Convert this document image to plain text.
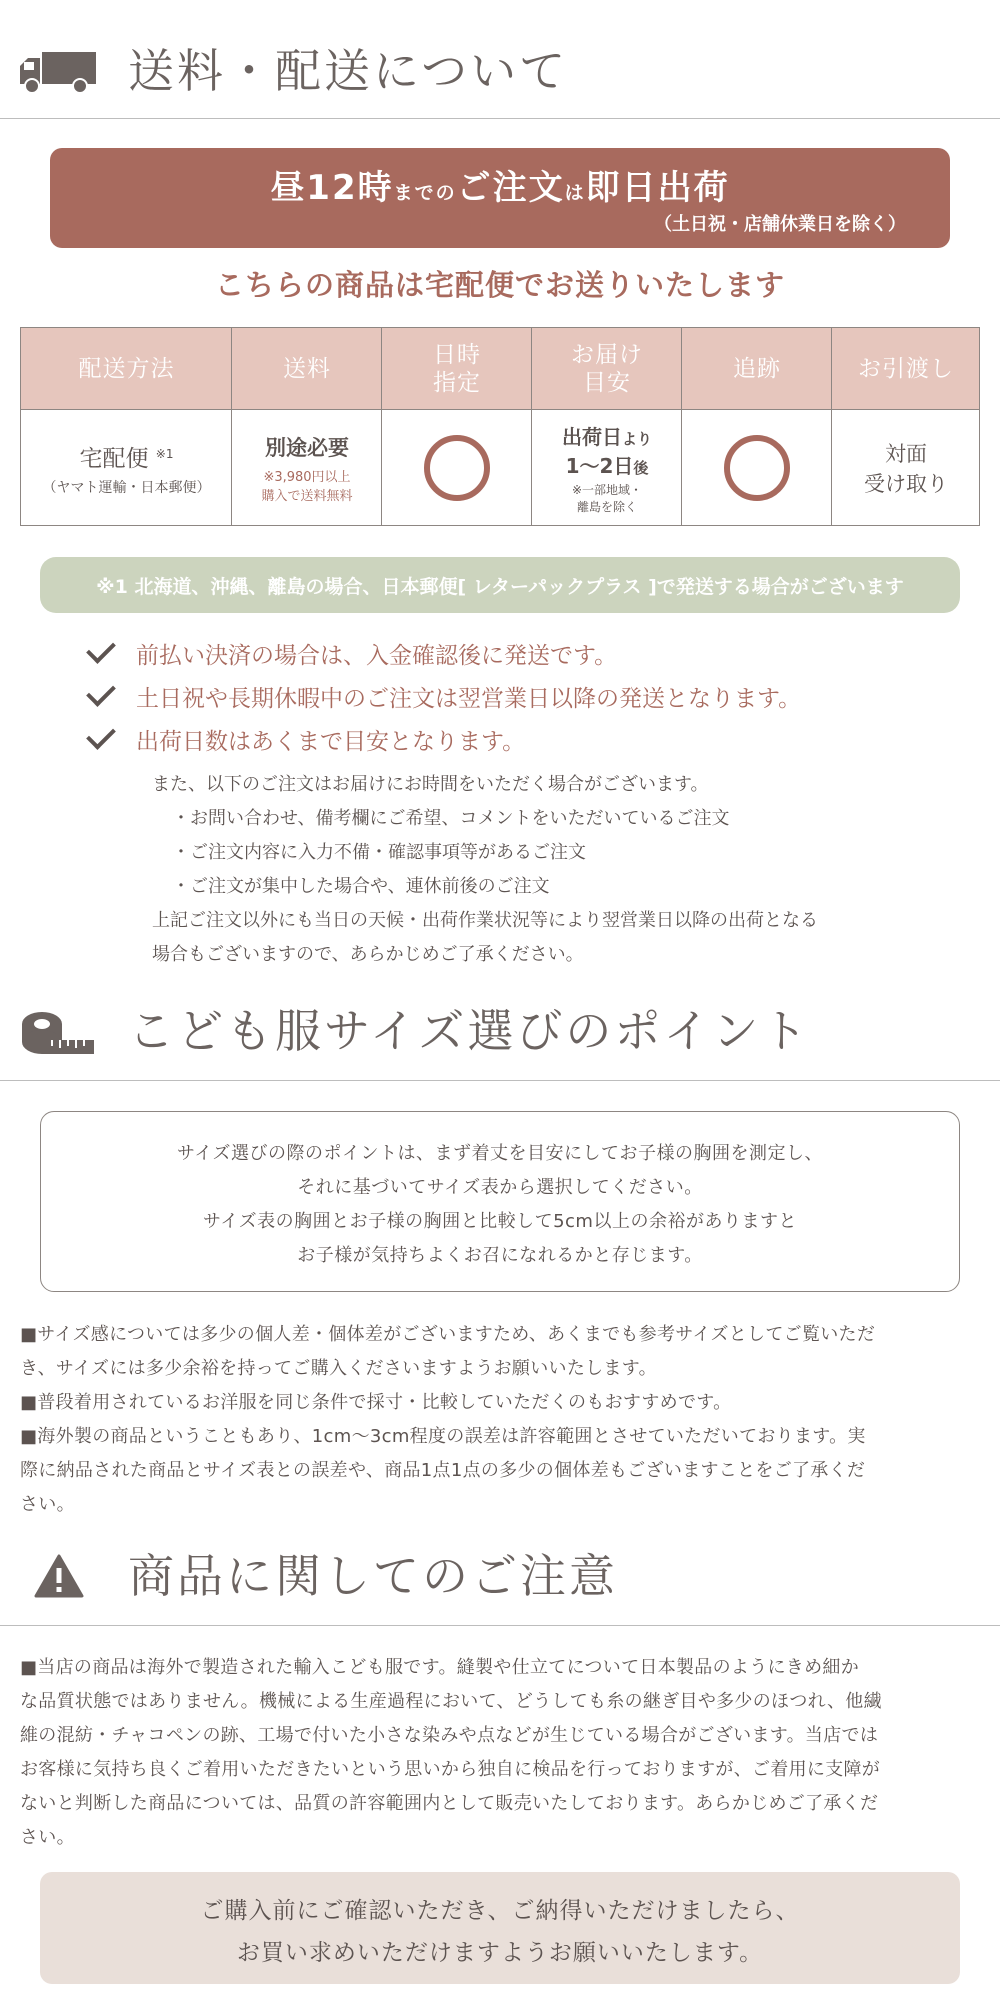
送料・配送について
昼12時までのご注文は即日出荷
（土日祝・店舗休業日を除く）
こちらの商品は宅配便でお送りいたします
配送方法	送料
日時
指定
お届け
目安
追跡	お引渡し
宅配便 $^{※1}$
（ヤマト運輸・日本郵便）
別途必要
※3,980円以上
購入で送料無料
出荷日より
1〜2日後
※一部地域・
離島を除く
対面
受け取り
※1 北海道、沖縄、離島の場合、日本郵便[ レターパックプラス ]で発送する場合がございます
前払い決済の場合は、入金確認後に発送です。
土日祝や長期休暇中のご注文は翌営業日以降の発送となります。
出荷日数はあくまで目安となります。
また、以下のご注文はお届けにお時間をいただく場合がございます。
・お問い合わせ、備考欄にご希望、コメントをいただいているご注文
・ご注文内容に入力不備・確認事項等があるご注文
・ご注文が集中した場合や、連休前後のご注文
上記ご注文以外にも当日の天候・出荷作業状況等により翌営業日以降の出荷となる
場合もございますので、あらかじめご了承ください。
こども服サイズ選びのポイント
サイズ選びの際のポイントは、まず着丈を目安にしてお子様の胸囲を測定し、
それに基づいてサイズ表から選択してください。
サイズ表の胸囲とお子様の胸囲と比較して5cm以上の余裕がありますと
お子様が気持ちよくお召になれるかと存じます。
■サイズ感については多少の個人差・個体差がございますため、あくまでも参考サイズとしてご覧いただ
き、サイズには多少余裕を持ってご購入くださいますようお願いいたします。
■普段着用されているお洋服を同じ条件で採寸・比較していただくのもおすすめです。
■海外製の商品ということもあり、1cm〜3cm程度の誤差は許容範囲とさせていただいております。実
際に納品された商品とサイズ表との誤差や、商品1点1点の多少の個体差もございますことをご了承くだ
さい。
商品に関してのご注意
■当店の商品は海外で製造された輸入こども服です。縫製や仕立てについて日本製品のようにきめ細か
な品質状態ではありません。機械による生産過程において、どうしても糸の継ぎ目や多少のほつれ、他繊
維の混紡・チャコペンの跡、工場で付いた小さな染みや点などが生じている場合がございます。当店では
お客様に気持ち良くご着用いただきたいという思いから独自に検品を行っておりますが、ご着用に支障が
ないと判断した商品については、品質の許容範囲内として販売いたしております。あらかじめご了承くだ
さい。
ご購入前にご確認いただき、ご納得いただけましたら、
お買い求めいただけますようお願いいたします。
